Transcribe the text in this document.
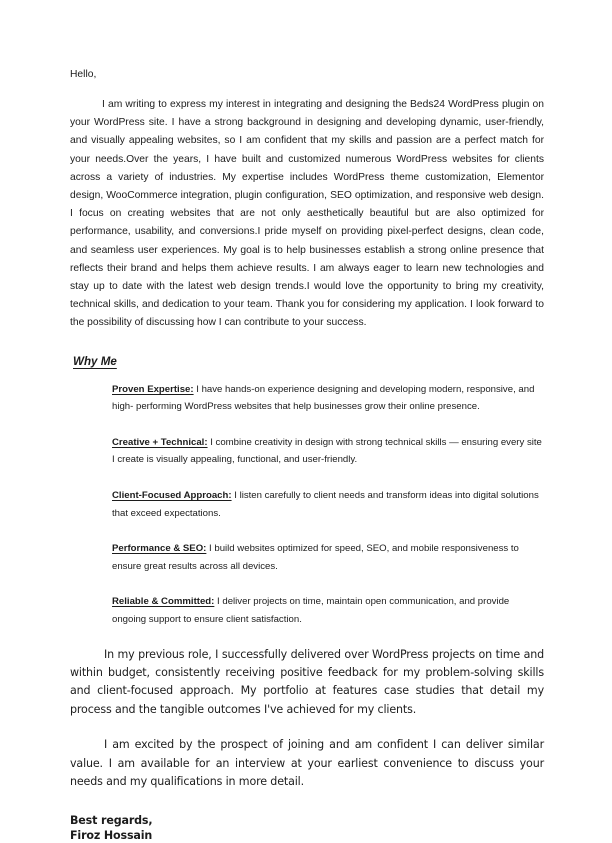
Hello,

I am writing to express my interest in integrating and designing the Beds24 WordPress plugin on your WordPress site. I have a strong background in designing and developing dynamic, user-friendly, and visually appealing websites, so I am confident that my skills and passion are a perfect match for your needs.Over the years, I have built and customized numerous WordPress websites for clients across a variety of industries. My expertise includes WordPress theme customization, Elementor design, WooCommerce integration, plugin configuration, SEO optimization, and responsive web design. I focus on creating websites that are not only aesthetically beautiful but are also optimized for performance, usability, and conversions.I pride myself on providing pixel-perfect designs, clean code, and seamless user experiences. My goal is to help businesses establish a strong online presence that reflects their brand and helps them achieve results. I am always eager to learn new technologies and stay up to date with the latest web design trends.I would love the opportunity to bring my creativity, technical skills, and dedication to your team. Thank you for considering my application. I look forward to the possibility of discussing how I can contribute to your success.

Why Me
Proven Expertise: I have hands-on experience designing and developing modern, responsive, and high- performing WordPress websites that help businesses grow their online presence.
Creative + Technical: I combine creativity in design with strong technical skills — ensuring every site I create is visually appealing, functional, and user-friendly.
Client-Focused Approach: I listen carefully to client needs and transform ideas into digital solutions that exceed expectations.
Performance & SEO: I build websites optimized for speed, SEO, and mobile responsiveness to ensure great results across all devices.
Reliable & Committed: I deliver projects on time, maintain open communication, and provide ongoing support to ensure client satisfaction.

In my previous role, I successfully delivered over WordPress projects on time and within budget, consistently receiving positive feedback for my problem-solving skills and client-focused approach. My portfolio at features case studies that detail my process and the tangible outcomes I've achieved for my clients.

I am excited by the prospect of joining and am confident I can deliver similar value. I am available for an interview at your earliest convenience to discuss your needs and my qualifications in more detail.

Best regards,
Firoz Hossain
